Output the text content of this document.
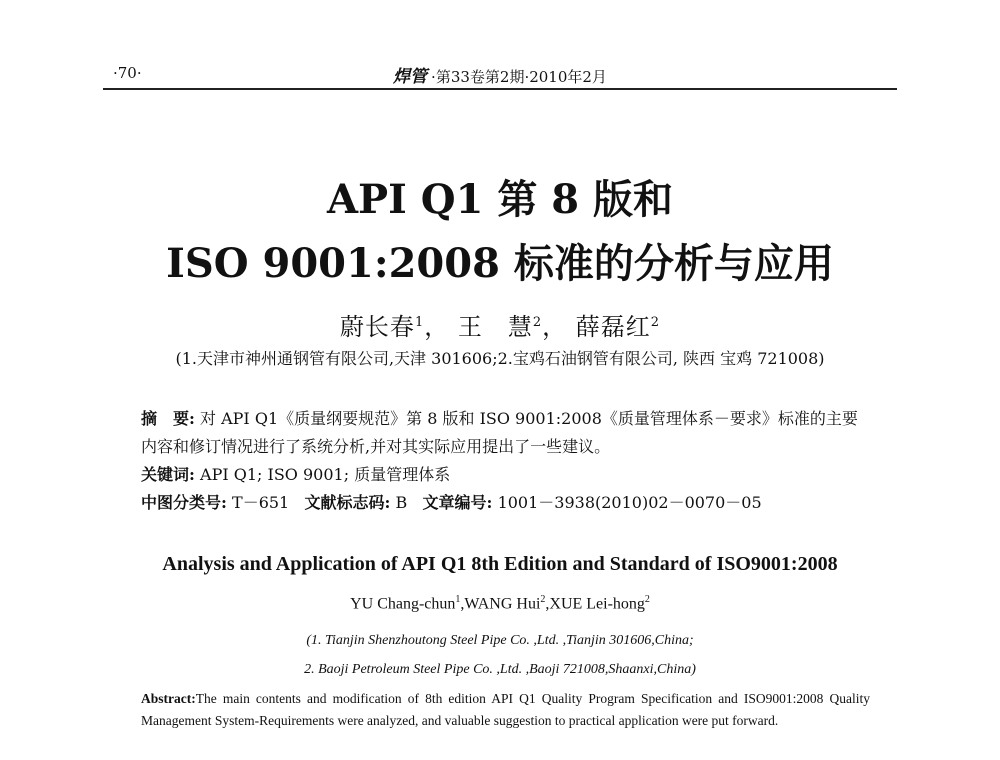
·70·	焊管 ·第33卷第2期·2010年2月
API Q1 第 8 版和
ISO 9001:2008 标准的分析与应用
蔚长春$^1$， 王　慧$^2$， 薛磊红$^2$
(1.天津市神州通钢管有限公司,天津 301606;2.宝鸡石油钢管有限公司, 陕西 宝鸡 721008)

摘　要: 对 API Q1《质量纲要规范》第 8 版和 ISO 9001:2008《质量管理体系－要求》标准的主要内容和修订情况进行了系统分析,并对其实际应用提出了一些建议。

关键词: API Q1; ISO 9001; 质量管理体系

中图分类号: T－651 文献标志码: B 文章编号: 1001－3938(2010)02－0070－05

Analysis and Application of API Q1 8th Edition and Standard of ISO9001:2008
YU Chang-chun$^1$,WANG Hui$^2$,XUE Lei-hong$^2$
(1. Tianjin Shenzhoutong Steel Pipe Co. ,Ltd. ,Tianjin 301606,China;
2. Baoji Petroleum Steel Pipe Co. ,Ltd. ,Baoji 721008,Shaanxi,China)
Abstract:The main contents and modification of 8th edition API Q1 Quality Program Specification and ISO9001:2008 Quality Management System-Requirements were analyzed, and valuable suggestion to practical application were put forward.
